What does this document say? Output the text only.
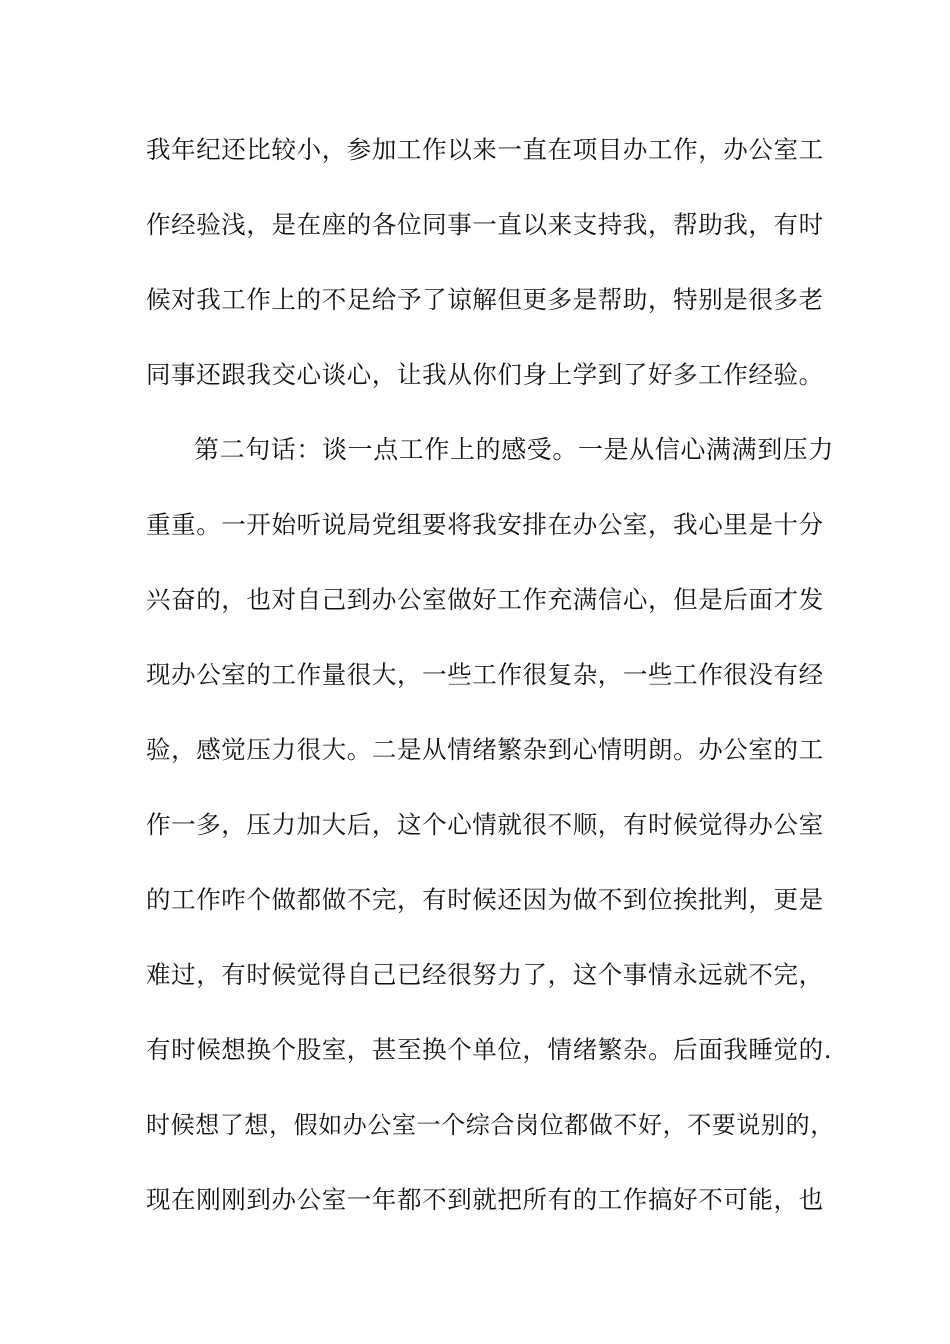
我年纪还比较小，参加工作以来一直在项目办工作，办公室工
作经验浅，是在座的各位同事一直以来支持我，帮助我，有时
候对我工作上的不足给予了谅解但更多是帮助，特别是很多老
同事还跟我交心谈心，让我从你们身上学到了好多工作经验。
第二句话：谈一点工作上的感受。一是从信心满满到压力
重重。一开始听说局党组要将我安排在办公室，我心里是十分
兴奋的，也对自己到办公室做好工作充满信心，但是后面才发
现办公室的工作量很大，一些工作很复杂，一些工作很没有经
验，感觉压力很大。二是从情绪繁杂到心情明朗。办公室的工
作一多，压力加大后，这个心情就很不顺，有时候觉得办公室
的工作咋个做都做不完，有时候还因为做不到位挨批判，更是
难过，有时候觉得自己已经很努力了，这个事情永远就不完，
有时候想换个股室，甚至换个单位，情绪繁杂。后面我睡觉的.
时候想了想，假如办公室一个综合岗位都做不好，不要说别的，
现在刚刚到办公室一年都不到就把所有的工作搞好不可能，也
